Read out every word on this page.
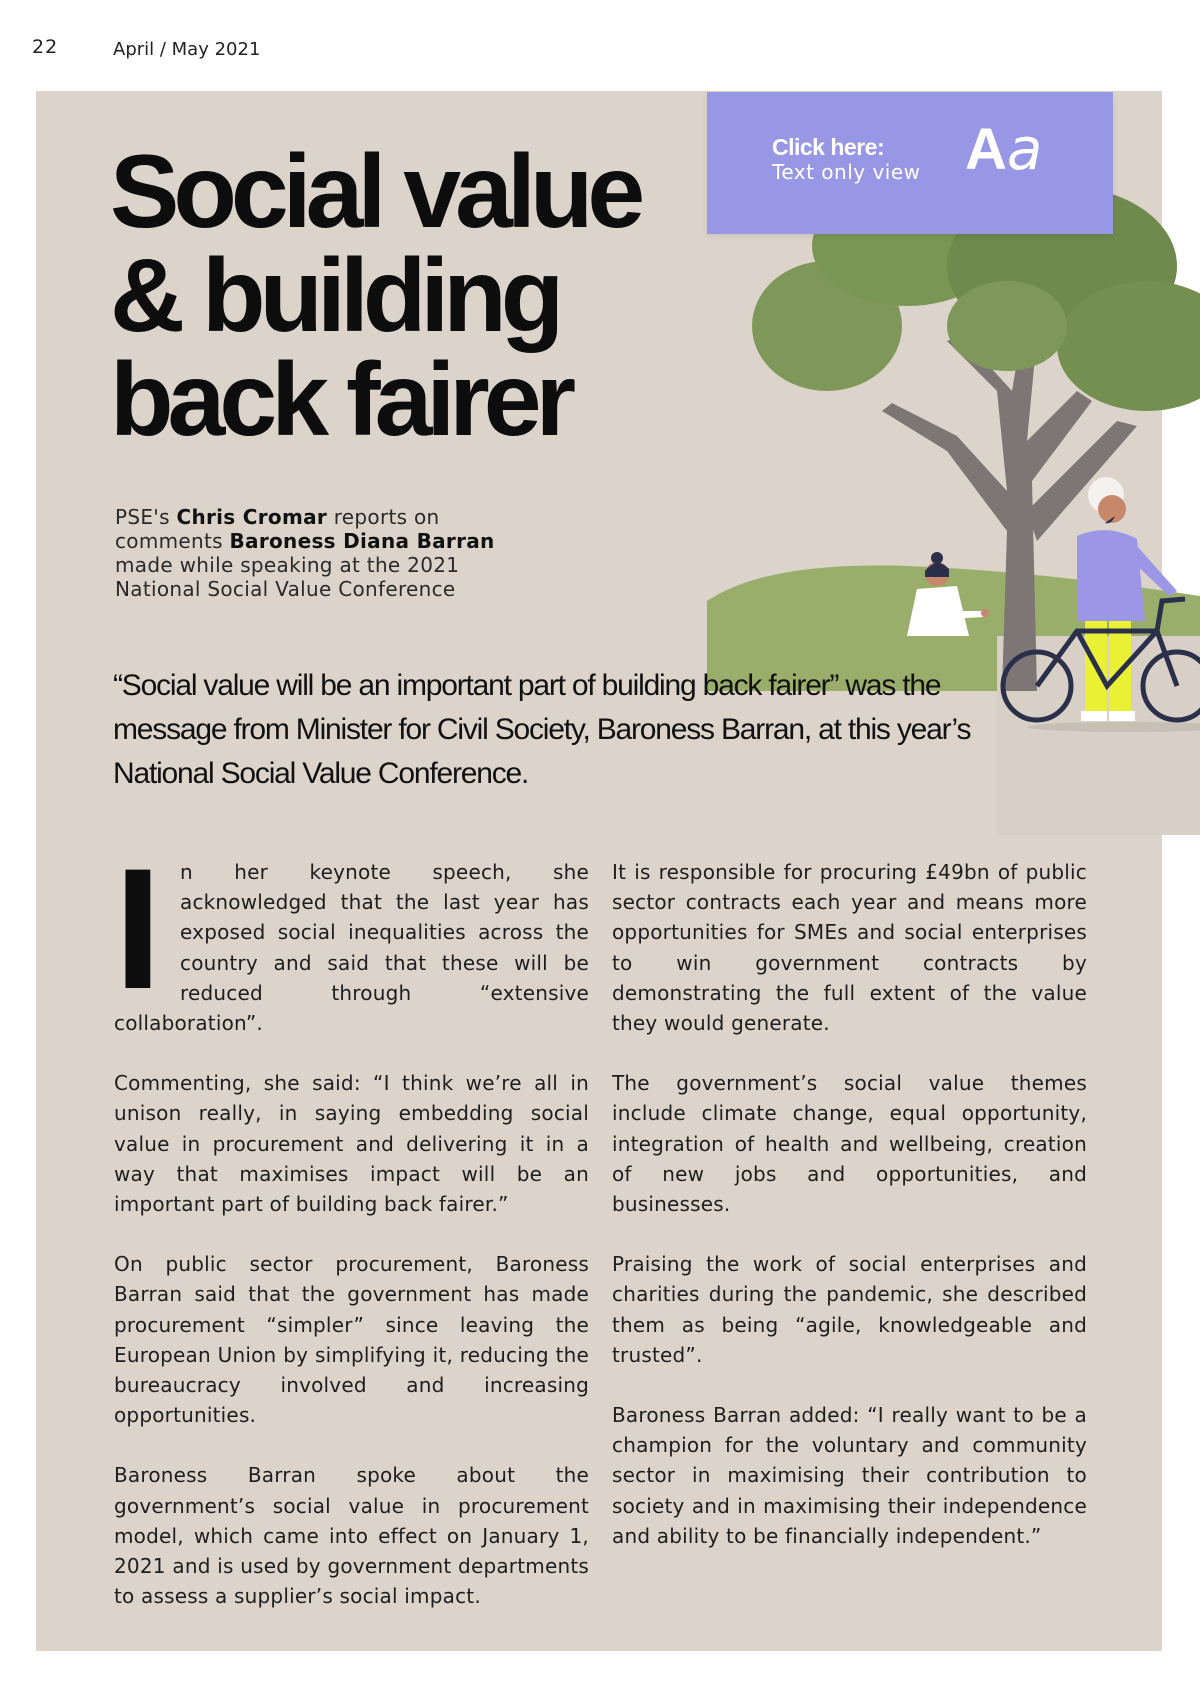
22	April / May 2021
Click here:
Text only view Aa
Social value
& building
back fairer
PSE's Chris Cromar reports on comments Baroness Diana Barran made while speaking at the 2021 National Social Value Conference
“Social value will be an important part of building back fairer” was the message from Minister for Civil Society, Baroness Barran, at this year’s National Social Value Conference.

In her keynote speech, she acknowledged that the last year has exposed social inequalities across the country and said that these will be reduced through “extensive collaboration”.

Commenting, she said: “I think we’re all in unison really, in saying embedding social value in procurement and delivering it in a way that maximises impact will be an important part of building back fairer.”

On public sector procurement, Baroness Barran said that the government has made procurement “simpler” since leaving the European Union by simplifying it, reducing the bureaucracy involved and increasing opportunities.

Baroness Barran spoke about the government’s social value in procurement model, which came into effect on January 1, 2021 and is used by government departments to assess a supplier’s social impact.

It is responsible for procuring £49bn of public sector contracts each year and means more opportunities for SMEs and social enterprises to win government contracts by demonstrating the full extent of the value they would generate.

The government’s social value themes include climate change, equal opportunity, integration of health and wellbeing, creation of new jobs and opportunities, and businesses.

Praising the work of social enterprises and charities during the pandemic, she described them as being “agile, knowledgeable and trusted”.

Baroness Barran added: “I really want to be a champion for the voluntary and community sector in maximising their contribution to society and in maximising their independence and ability to be financially independent.”
